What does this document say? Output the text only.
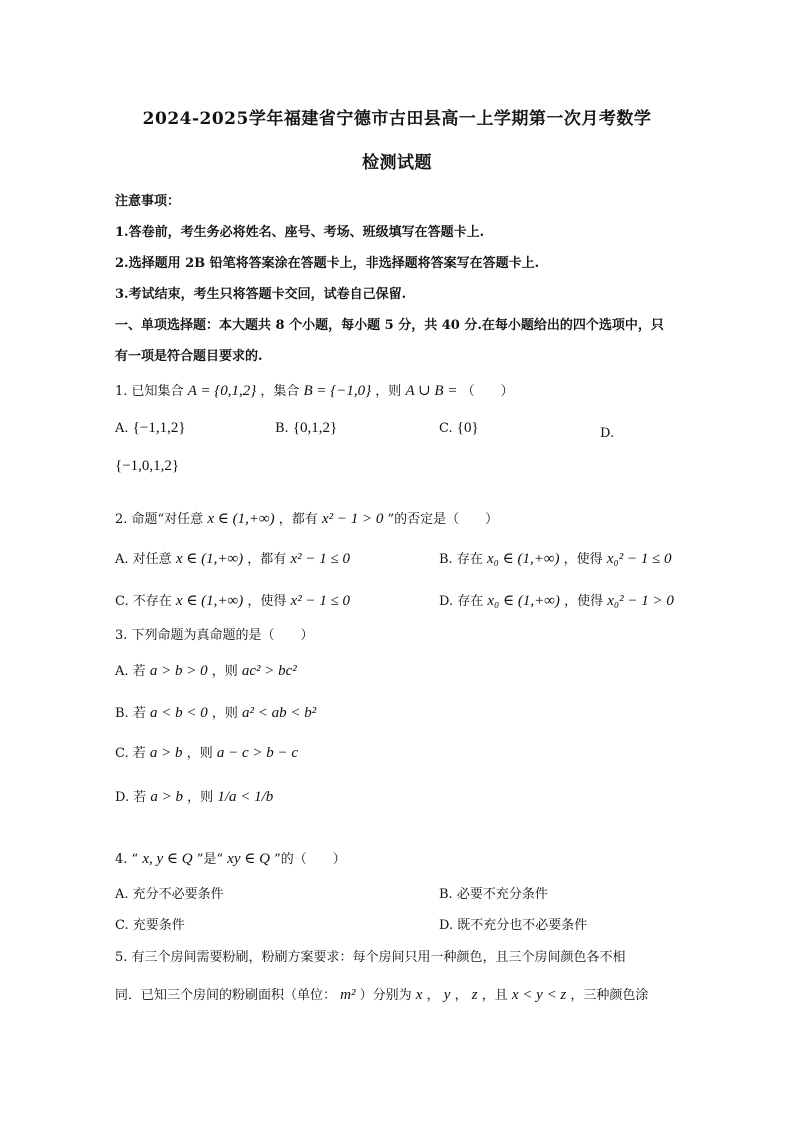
2024-2025学年福建省宁德市古田县高一上学期第一次月考数学
检测试题
注意事项：
1.答卷前，考生务必将姓名、座号、考场、班级填写在答题卡上.
2.选择题用 2B 铅笔将答案涂在答题卡上，非选择题将答案写在答题卡上.
3.考试结束，考生只将答题卡交回，试卷自己保留.
一、单项选择题：本大题共 8 个小题，每小题 5 分，共 40 分.在每小题给出的四个选项中，只
有一项是符合题目要求的.
1. 已知集合 A = {0,1,2} ，集合 B = {−1,0} ，则 A ∪ B = （　　）
A. {−1,1,2}	B. {0,1,2}	C. {0}	D.
{−1,0,1,2}
2. 命题“对任意 x ∈ (1,+∞) ，都有 x² − 1 > 0 ”的否定是（　　）
A. 对任意 x ∈ (1,+∞) ，都有 x² − 1 ≤ 0	B. 存在 x₀ ∈ (1,+∞) ，使得 x₀² − 1 ≤ 0
C. 不存在 x ∈ (1,+∞) ，使得 x² − 1 ≤ 0	D. 存在 x₀ ∈ (1,+∞) ，使得 x₀² − 1 > 0
3. 下列命题为真命题的是（　　）
A. 若 a > b > 0 ，则 ac² > bc²
B. 若 a < b < 0 ，则 a² < ab < b²
C. 若 a > b ，则 a − c > b − c
D. 若 a > b ，则 1/a < 1/b
4. “ x, y ∈ Q ”是“ xy ∈ Q ”的（　　）
A. 充分不必要条件	B. 必要不充分条件
C. 充要条件	D. 既不充分也不必要条件
5. 有三个房间需要粉刷，粉刷方案要求：每个房间只用一种颜色，且三个房间颜色各不相
同．已知三个房间的粉刷面积（单位： m² ）分别为 x ， y ， z ，且 x < y < z ，三种颜色涂
